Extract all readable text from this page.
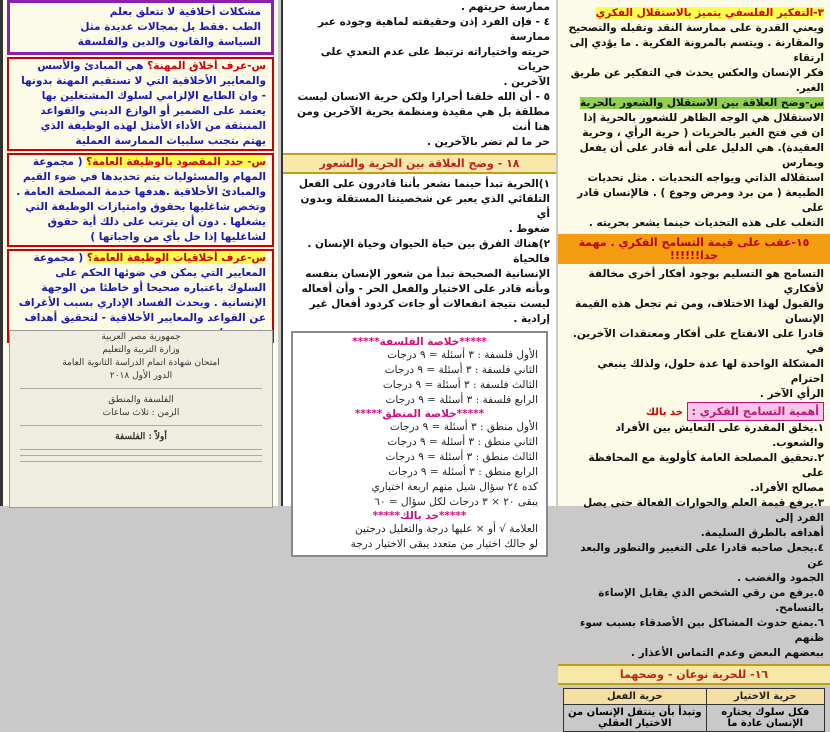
مشكلات أخلاقية لا تتعلق بعلم

الطب .فقط بل بمجالات عديدة مثل

السياسة والقانون والدين والفلسفة

س-عرف أخلاق المهنة؟ هي المبادئ والأسس والمعايير الأخلاقية التي لا تستقيم المهنة بدونها - وان الطابع الإلزامي لسلوك المشتغلين بها يعتمد على الضمير أو الوازع الديني والقواعد المنبثقة من الأداء الأمثل لهذه الوظيفة الذي يهتم بتجنب سلبيات الممارسة العملية

س- حدد المقصود بالوظيفة العامة؟ ( مجموعة المهام والمسئوليات يتم تحديدها في ضوء القيم والمبادئ الأخلاقية .هدفها خدمة المصلحة العامة . وتخص شاغليها بحقوق وامتيازات الوظيفة التي يشغلها . دون أن يترتب على ذلك أية حقوق لشاغليها إذا خل بأي من واجباتها )

س-عرف أخلاقيات الوظيفة العامة؟ ( مجموعة المعايير التي يمكن في ضوئها الحكم على السلوك باعتباره صحيحا أو خاطئا من الوجهة الإنسانية . ويحدث الفساد الإداري بسبب الأغراف عن القواعد والمعايير الأخلاقية - لتحقيق أهداف

جمهورية مصر العربية

وزارة التربية والتعليم

امتحان شهادة اتمام الدراسة الثانوية العامة

الدور الأول ٢٠١٨

الفلسفة والمنطق

الزمن : ثلاث ساعات

أولاً : الفلسفة

ممارسة حريتهم .

٤ - فإن الفرد إذن وحقيقته لماهية وجوده عبر ممارسة

حريته واختياراته ترتبط على عدم التعدي على حريات

الآخرين .

٥ - أن الله خلقنا أحرارا ولكن حرية الانسان ليست

مطلقة بل هي مقيدة ومنظمة بحرية الآخرين ومن هنا أنت

حر ما لم تضر بالآخرين .

١٨ - وضح العلاقة بين الحرية والشعور

١)الحرية تبدأ حينما نشعر بأننا قادرون على الفعل

التلقائي الذي يعبر عن شخصيتنا المستقلة وبدون أي

ضغوط .

٢)هناك الفرق بين حياة الحيوان وحياة الإنسان . فالحياة

الإنسانية الصحيحة تبدأ من شعور الإنسان بنفسه

وبأنه قادر على الاختيار والفعل الحر - وأن أفعاله

ليست نتيجة انفعالات أو جاءت كردود أفعال غير إرادية .

*****خلاصة الفلسفة*****

الأول فلسفة : ٣ أسئلة = ٩ درجات

الثاني فلسفة : ٣ أسئلة = ٩ درجات

الثالث فلسفة : ٣ أسئلة = ٩ درجات

الرابع فلسفة : ٣ أسئلة = ٩ درجات

*****خلاصة المنطق*****

الأول منطق : ٣ أسئلة = ٩ درجات

الثاني منطق : ٣ أسئلة = ٩ درجات

الثالث منطق : ٣ أسئلة = ٩ درجات

الرابع منطق : ٣ أسئلة = ٩ درجات

كده ٢٤ سؤال شيل منهم اربعة اختياري

يبقى ٢٠ × ٣ درجات لكل سؤال = ٦٠

*****خد بالك*****

العلامة √ أو × عليها درجة والتعليل درجتين

لو جالك اختيار من متعدد يبقى الاختيار درجة

٣-التفكير الفلسفي يتميز بالاستقلال الفكري

ويعني القدرة على ممارسة النقد وتقبله والتصحيح

والمقارنة . ويتسم بالمرونة الفكرية . ما يؤدي إلى ارتقاء

فكر الإنسان والعكس يحدث في التفكير عن طريق الغير.

س-وضح العلاقة بين الاستقلال والشعور بالحرية

الاستقلال هي الوجه الظاهر للشعور بالحرية إذا

ان في فتح الغير بالحريات ( حرية الرأي ، وحرية

العقيدة). هي الدليل على أنه قادر على أن يفعل ويمارس

استقلاله الذاتي ويواجه التحديات . مثل تحديات

الطبيعة ( من برد ومرض وجوع ) . فالإنسان قادر على

التغلب على هذه التحديات حينما يشعر بحريته .

١٥-عقب على قيمة التسامح الفكري . مهمة جدا!!!!!!

التسامح هو التسليم بوجود أفكار أخرى مخالفة لأفكاري

والقبول لهذا الاختلاف، ومن ثم تجعل هذه القيمة الإنسان

قادرا على الانفتاح على أفكار ومعتقدات الآخرين. في

المشكلة الواحدة لها عدة حلول، ولذلك ينبغي احترام

الرأي الآخر .

أهمية التسامح الفكري : خد بالك

١.يخلق المقدرة على التعايش بين الأفراد والشعوب.

٢.تحقيق المصلحة العامة كأولوية مع المحافظة على

مصالح الأفراد.

٣.يرفع قيمة العلم والحوارات الفعالة حتى يصل الفرد إلى

أهدافه بالطرق السليمة.

٤.يجعل صاحبه قادرا على التغيير والتطور والبعد عن

الجمود والغضب .

٥.يرفع من رقي الشخص الذي يقابل الإساءة بالتسامح.

٦.يمنع حدوث المشاكل بين الأصدقاء بسبب سوء ظنهم

ببعضهم البعض وعدم التماس الأعذار .

١٦- للحرية نوعان - وضحهما
حرية الاختيار	حرية الفعل
فكل سلوك يختاره الإنسان عادة ما	وتبدأ بأن ينتقل الإنسان من الاختيار العقلي
